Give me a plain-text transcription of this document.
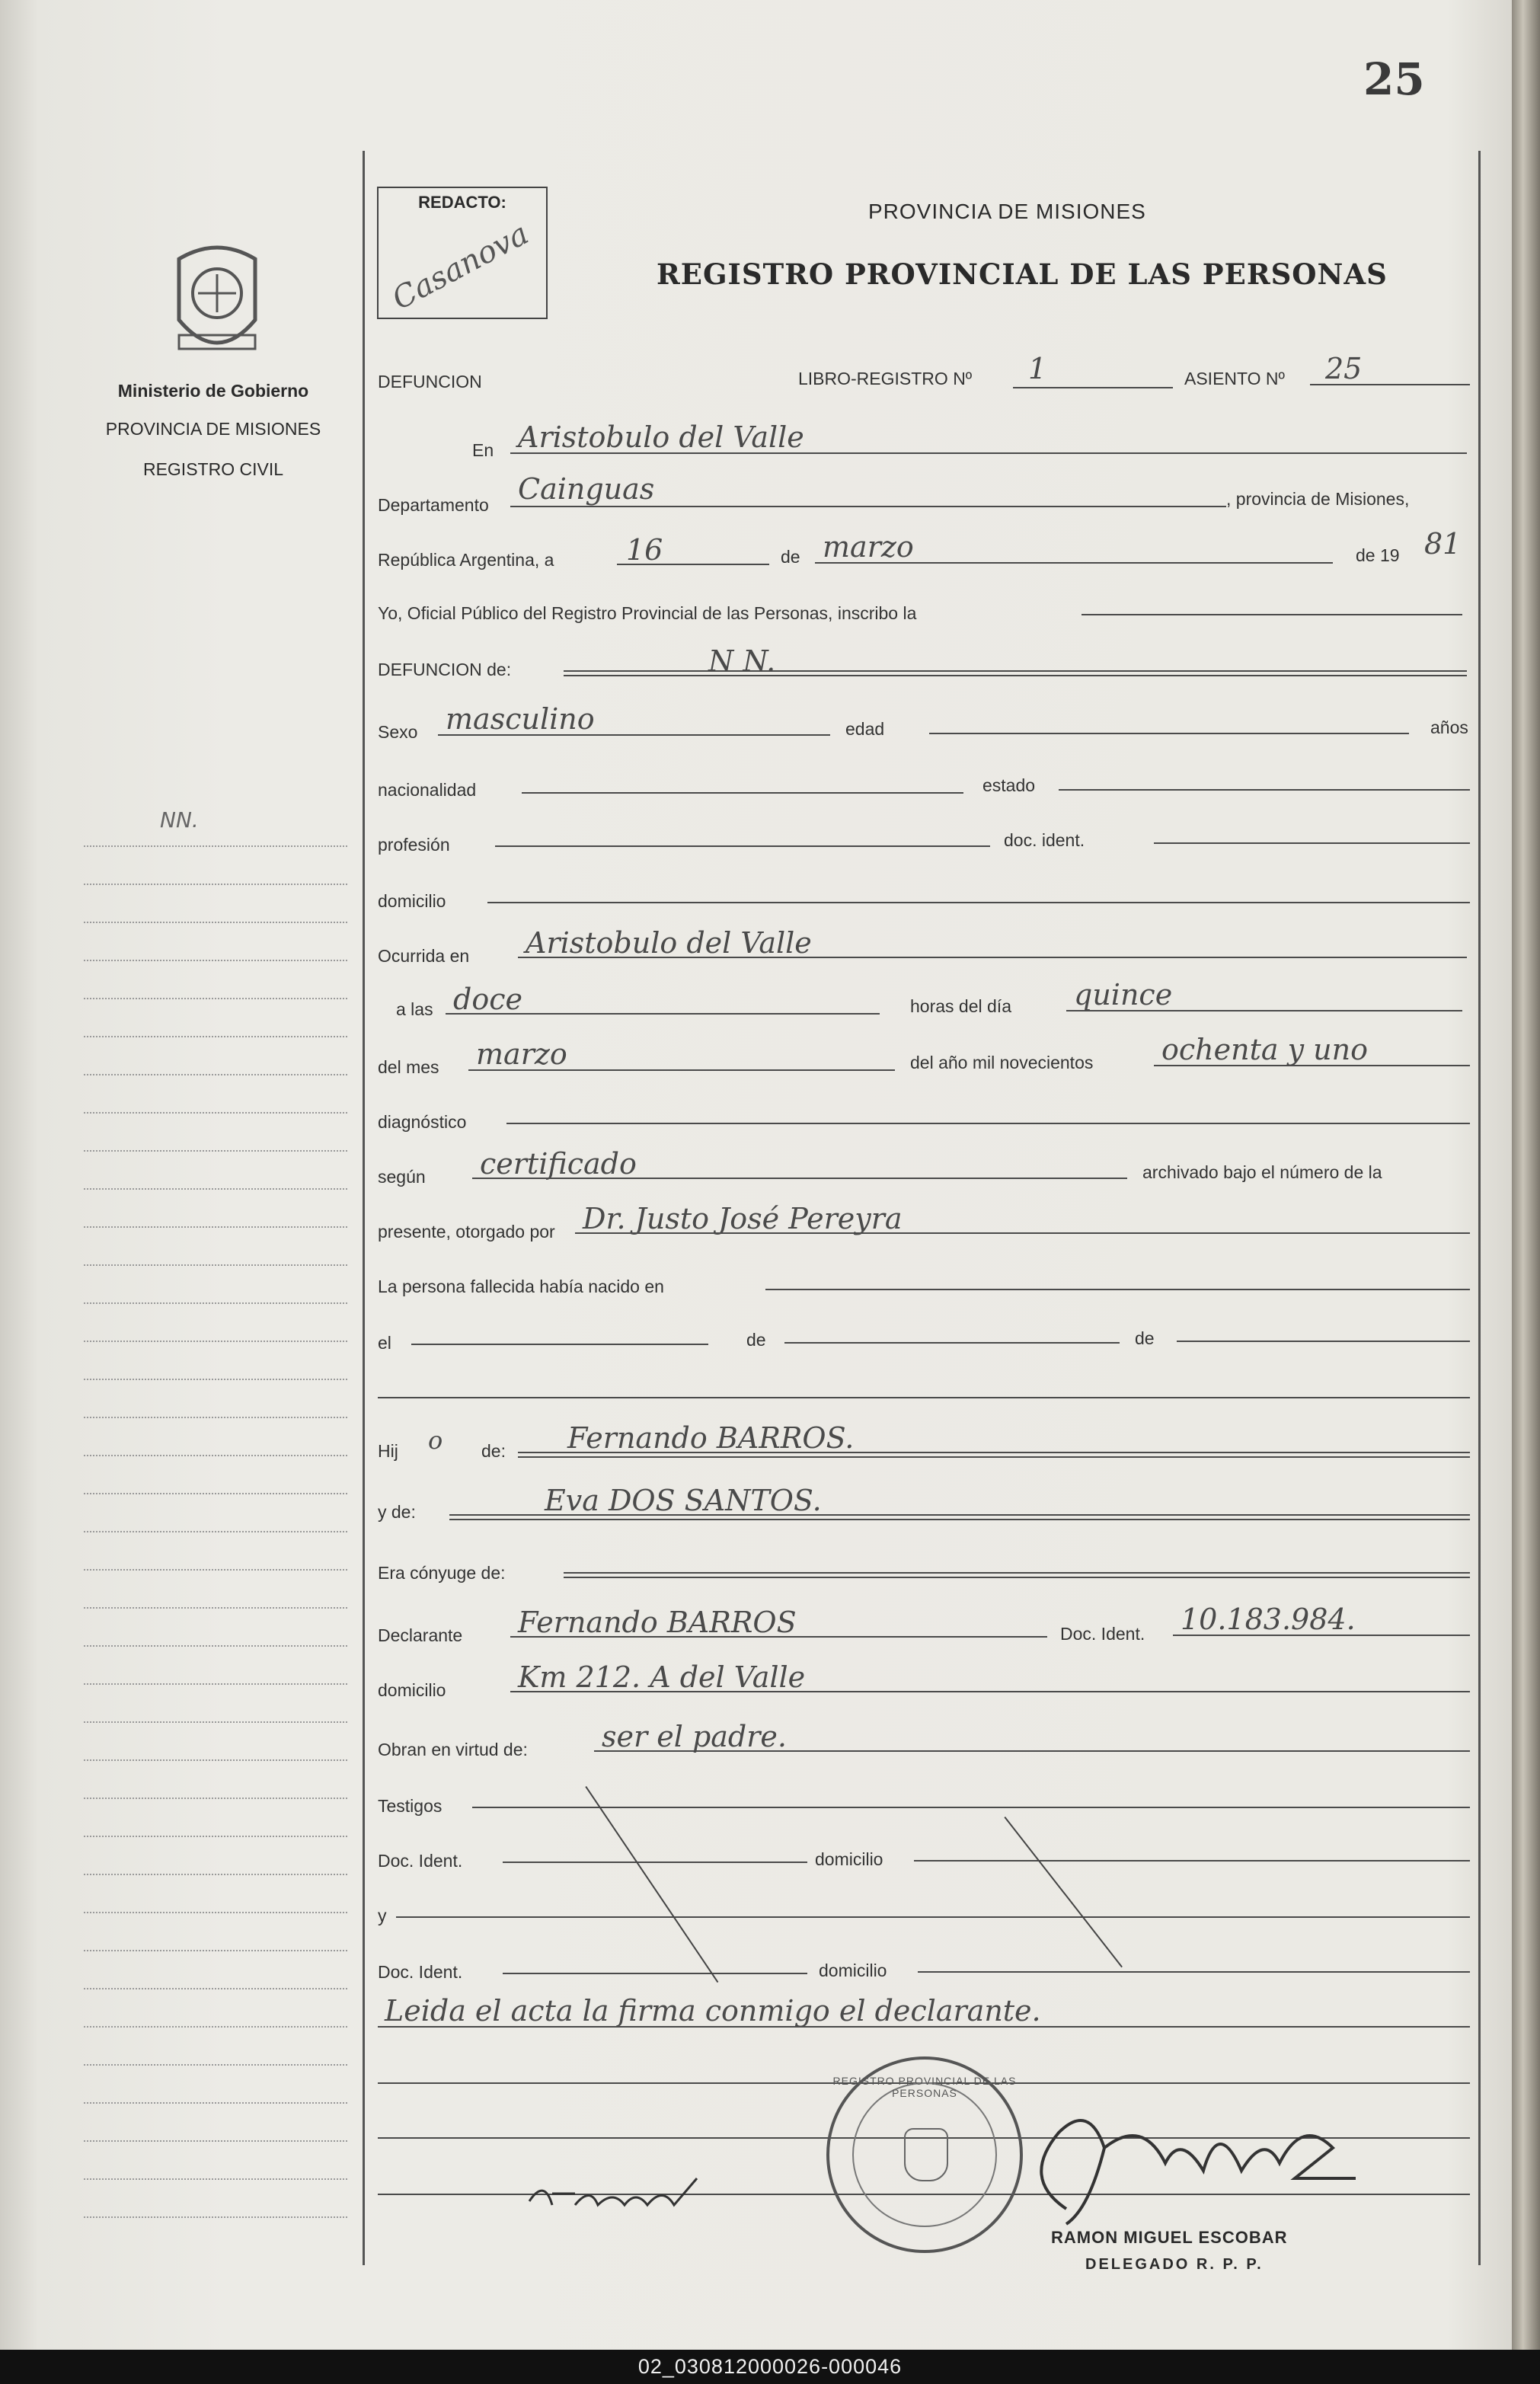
25
Ministerio de Gobierno
PROVINCIA DE MISIONES
REGISTRO CIVIL
NN.
REDACTO:
Casanova
PROVINCIA DE MISIONES
REGISTRO PROVINCIAL DE LAS PERSONAS
DEFUNCION	LIBRO-REGISTRO Nº 1	ASIENTO Nº 25
En Aristobulo del Valle
Departamento Cainguas	, provincia de Misiones,
República Argentina, a 16	de marzo	de 19 81
Yo, Oficial Público del Registro Provincial de las Personas, inscribo la
DEFUNCION de:	N N.
Sexo masculino	edad	años
nacionalidad	estado
profesión	doc. ident.
domicilio
Ocurrida en Aristobulo del Valle
a las doce	horas del día quince
del mes marzo	del año mil novecientos ochenta y uno
diagnóstico
según certificado	archivado bajo el número de la
presente, otorgado por Dr. Justo José Pereyra
La persona fallecida había nacido en
el	de	de
Hij o de: Fernando BARROS.
y de:	Eva DOS SANTOS.
Era cónyuge de:
Declarante Fernando BARROS	Doc. Ident. 10.183.984.
domicilio Km 212. A del Valle
Obran en virtud de:	ser el padre.
Testigos
Doc. Ident.	domicilio
y
Doc. Ident.	domicilio
Leida el acta la firma conmigo el declarante.
REGISTRO PROVINCIAL DE LAS PERSONAS
RAMON MIGUEL ESCOBAR
DELEGADO R. P. P.
02_030812000026-000046
